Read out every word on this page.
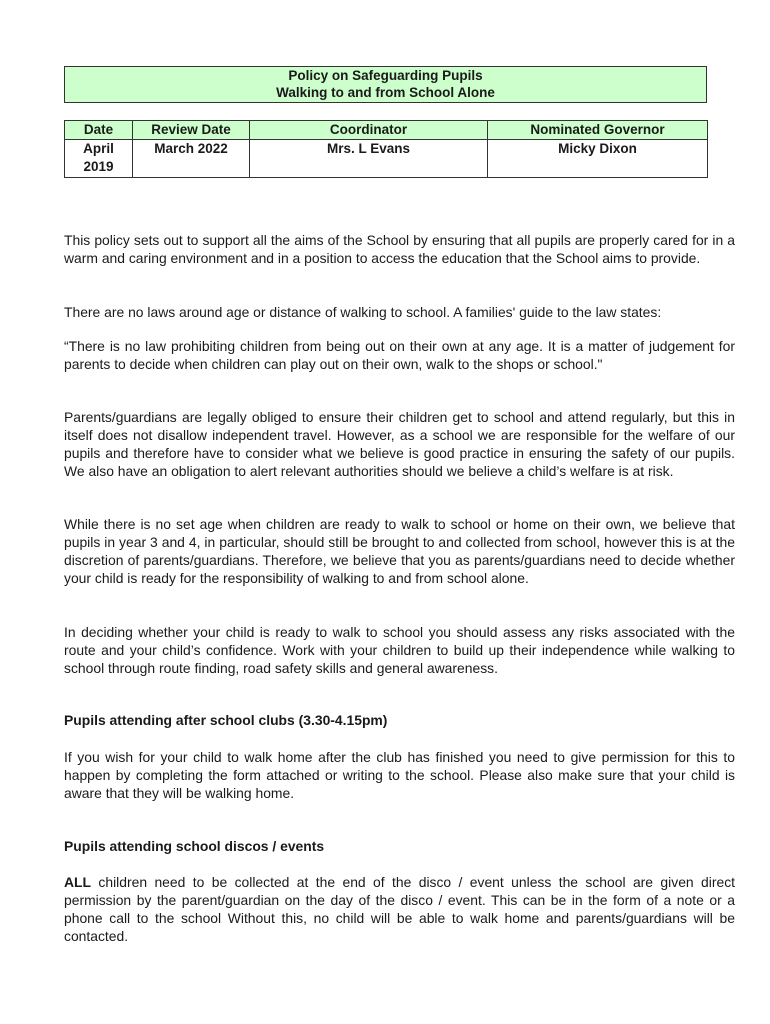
Policy on Safeguarding Pupils
Walking to and from School Alone
Date	Review Date	Coordinator	Nominated Governor
April 2019	March 2022	Mrs. L Evans	Micky Dixon

This policy sets out to support all the aims of the School by ensuring that all pupils are properly cared for in a warm and caring environment and in a position to access the education that the School aims to provide.

There are no laws around age or distance of walking to school. A families' guide to the law states:

“There is no law prohibiting children from being out on their own at any age. It is a matter of judgement for parents to decide when children can play out on their own, walk to the shops or school."

Parents/guardians are legally obliged to ensure their children get to school and attend regularly, but this in itself does not disallow independent travel. However, as a school we are responsible for the welfare of our pupils and therefore have to consider what we believe is good practice in ensuring the safety of our pupils. We also have an obligation to alert relevant authorities should we believe a child’s welfare is at risk.

While there is no set age when children are ready to walk to school or home on their own, we believe that pupils in year 3 and 4, in particular, should still be brought to and collected from school, however this is at the discretion of parents/guardians. Therefore, we believe that you as parents/guardians need to decide whether your child is ready for the responsibility of walking to and from school alone.

In deciding whether your child is ready to walk to school you should assess any risks associated with the route and your child’s confidence. Work with your children to build up their independence while walking to school through route finding, road safety skills and general awareness.

Pupils attending after school clubs (3.30-4.15pm)

If you wish for your child to walk home after the club has finished you need to give permission for this to happen by completing the form attached or writing to the school. Please also make sure that your child is aware that they will be walking home.

Pupils attending school discos / events

ALL children need to be collected at the end of the disco / event unless the school are given direct permission by the parent/guardian on the day of the disco / event. This can be in the form of a note or a phone call to the school Without this, no child will be able to walk home and parents/guardians will be contacted.
